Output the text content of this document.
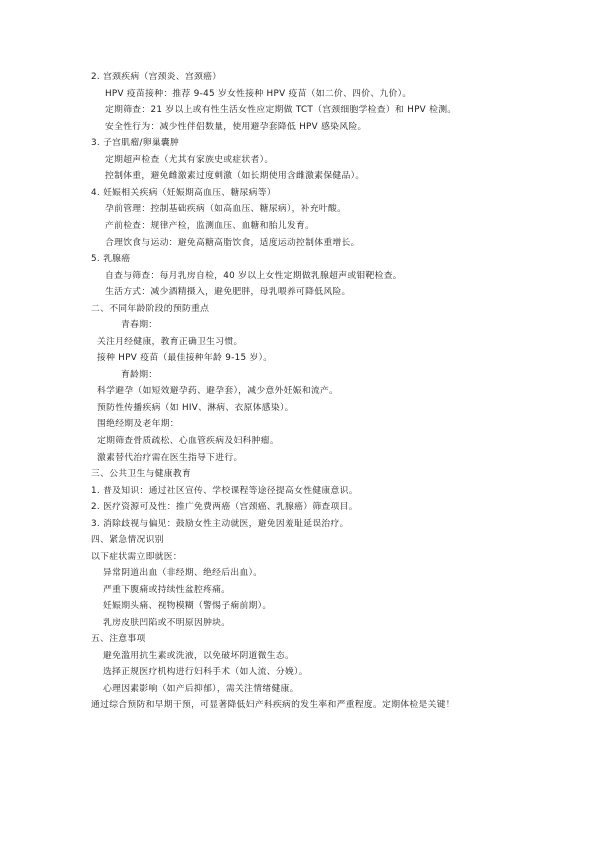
2. 宫颈疾病（宫颈炎、宫颈癌）
HPV 疫苗接种：推荐 9-45 岁女性接种 HPV 疫苗（如二价、四价、九价）。
定期筛查：21 岁以上或有性生活女性应定期做 TCT（宫颈细胞学检查）和 HPV 检测。
安全性行为：减少性伴侣数量，使用避孕套降低 HPV 感染风险。
3. 子宫肌瘤/卵巢囊肿
定期超声检查（尤其有家族史或症状者）。
控制体重，避免雌激素过度刺激（如长期使用含雌激素保健品）。
4. 妊娠相关疾病（妊娠期高血压、糖尿病等）
孕前管理：控制基础疾病（如高血压、糖尿病），补充叶酸。
产前检查：规律产检，监测血压、血糖和胎儿发育。
合理饮食与运动：避免高糖高脂饮食，适度运动控制体重增长。
5. 乳腺癌
自查与筛查：每月乳房自检，40 岁以上女性定期做乳腺超声或钼靶检查。
生活方式：减少酒精摄入，避免肥胖，母乳喂养可降低风险。
二、不同年龄阶段的预防重点
青春期：
关注月经健康，教育正确卫生习惯。
接种 HPV 疫苗（最佳接种年龄 9-15 岁）。
育龄期：
科学避孕（如短效避孕药、避孕套），减少意外妊娠和流产。
预防性传播疾病（如 HIV、淋病、衣原体感染）。
围绝经期及老年期：
定期筛查骨质疏松、心血管疾病及妇科肿瘤。
激素替代治疗需在医生指导下进行。
三、公共卫生与健康教育
1. 普及知识：通过社区宣传、学校课程等途径提高女性健康意识。
2. 医疗资源可及性：推广免费两癌（宫颈癌、乳腺癌）筛查项目。
3. 消除歧视与偏见：鼓励女性主动就医，避免因羞耻延误治疗。
四、紧急情况识别
以下症状需立即就医：
异常阴道出血（非经期、绝经后出血）。
严重下腹痛或持续性盆腔疼痛。
妊娠期头痛、视物模糊（警惕子痫前期）。
乳房皮肤凹陷或不明原因肿块。
五、注意事项
避免滥用抗生素或洗液，以免破坏阴道微生态。
选择正规医疗机构进行妇科手术（如人流、分娩）。
心理因素影响（如产后抑郁），需关注情绪健康。
通过综合预防和早期干预，可显著降低妇产科疾病的发生率和严重程度。定期体检是关键！
